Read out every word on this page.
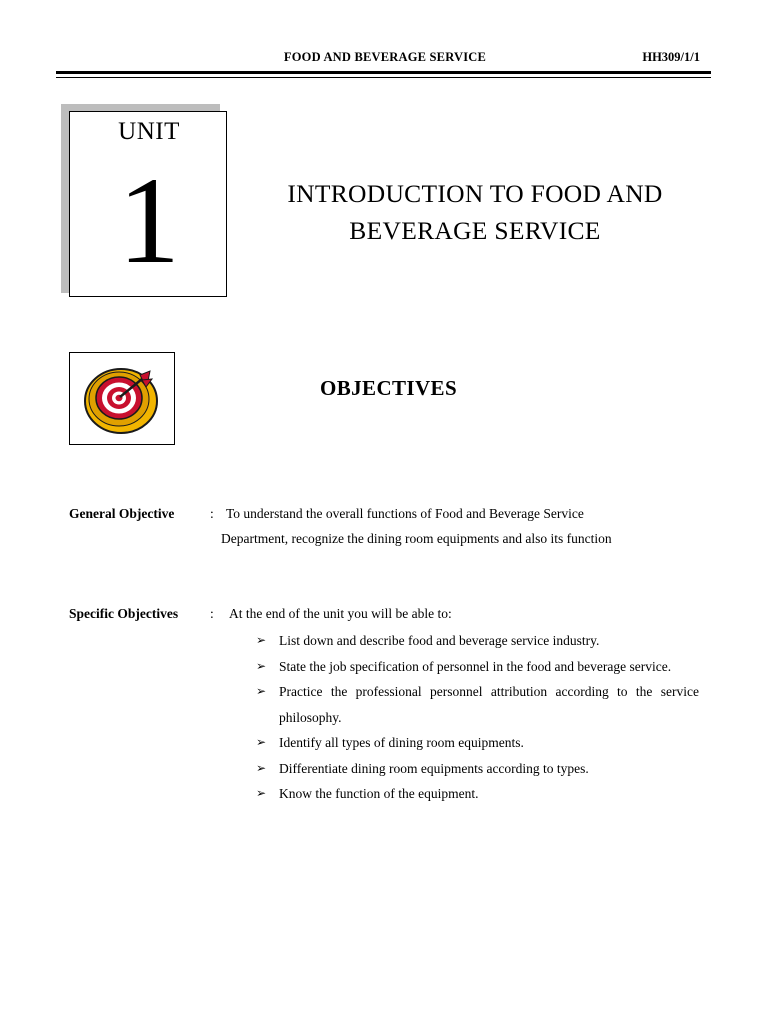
FOOD AND BEVERAGE SERVICE	HH309/1/1
UNIT
1	INTRODUCTION TO FOOD AND
BEVERAGE SERVICE
OBJECTIVES
General Objective	: To understand the overall functions of Food and Beverage Service
Department, recognize the dining room equipments and also its function
Specific Objectives :	At the end of the unit you will be able to:
➢ List down and describe food and beverage service industry.
➢ State the job specification of personnel in the food and beverage service.
➢ Practice the professional personnel attribution according to the service philosophy.
➢ Identify all types of dining room equipments.
➢ Differentiate dining room equipments according to types.
➢ Know the function of the equipment.
